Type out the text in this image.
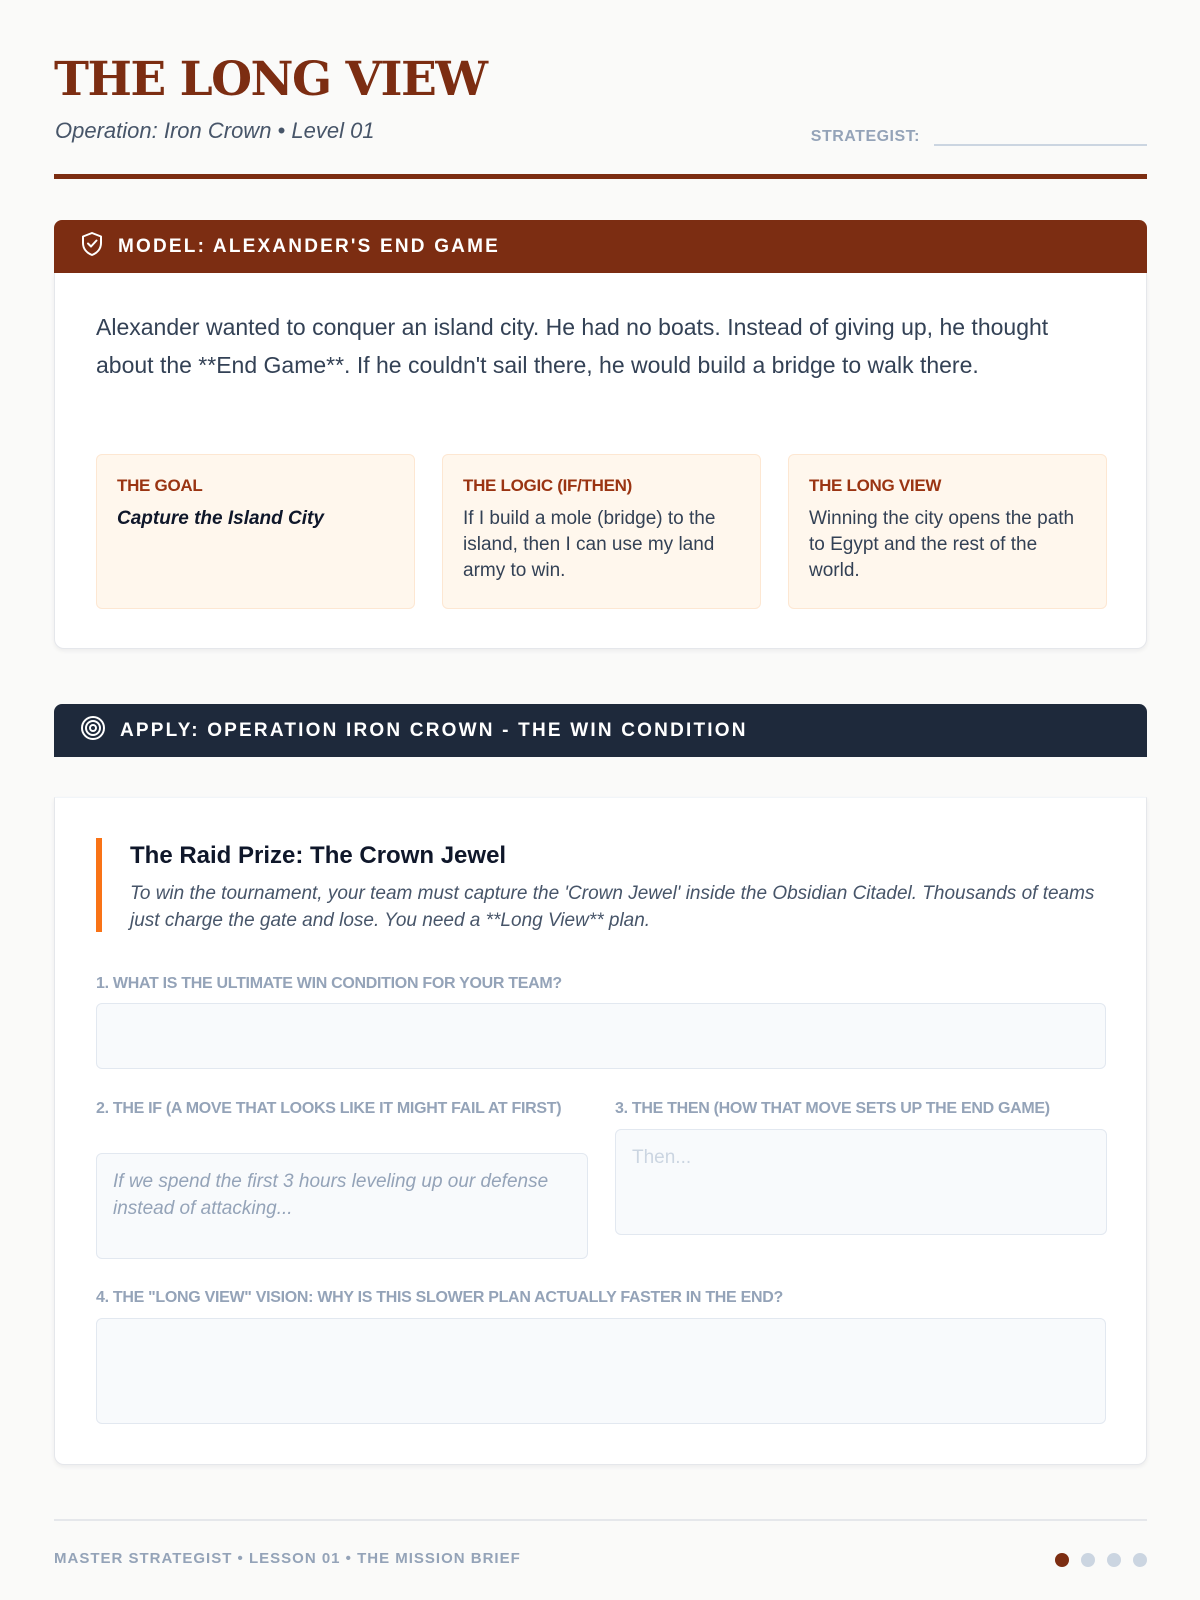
THE LONG VIEW
Operation: Iron Crown • Level 01	STRATEGIST:
MODEL: ALEXANDER'S END GAME

Alexander wanted to conquer an island city. He had no boats. Instead of giving up, he thought about the **End Game**. If he couldn't sail there, he would build a bridge to walk there.

THE GOAL
Capture the Island City
THE LOGIC (IF/THEN)
If I build a mole (bridge) to the island, then I can use my land army to win.
THE LONG VIEW
Winning the city opens the path to Egypt and the rest of the world.
APPLY: OPERATION IRON CROWN - THE WIN CONDITION
The Raid Prize: The Crown Jewel
To win the tournament, your team must capture the 'Crown Jewel' inside the Obsidian Citadel. Thousands of teams just charge the gate and lose. You need a **Long View** plan.
1. WHAT IS THE ULTIMATE WIN CONDITION FOR YOUR TEAM?
2. THE IF (A MOVE THAT LOOKS LIKE IT MIGHT FAIL AT FIRST)
If we spend the first 3 hours leveling up our defense instead of attacking...
3. THE THEN (HOW THAT MOVE SETS UP THE END GAME)
Then...
4. THE "LONG VIEW" VISION: WHY IS THIS SLOWER PLAN ACTUALLY FASTER IN THE END?
MASTER STRATEGIST • LESSON 01 • THE MISSION BRIEF
